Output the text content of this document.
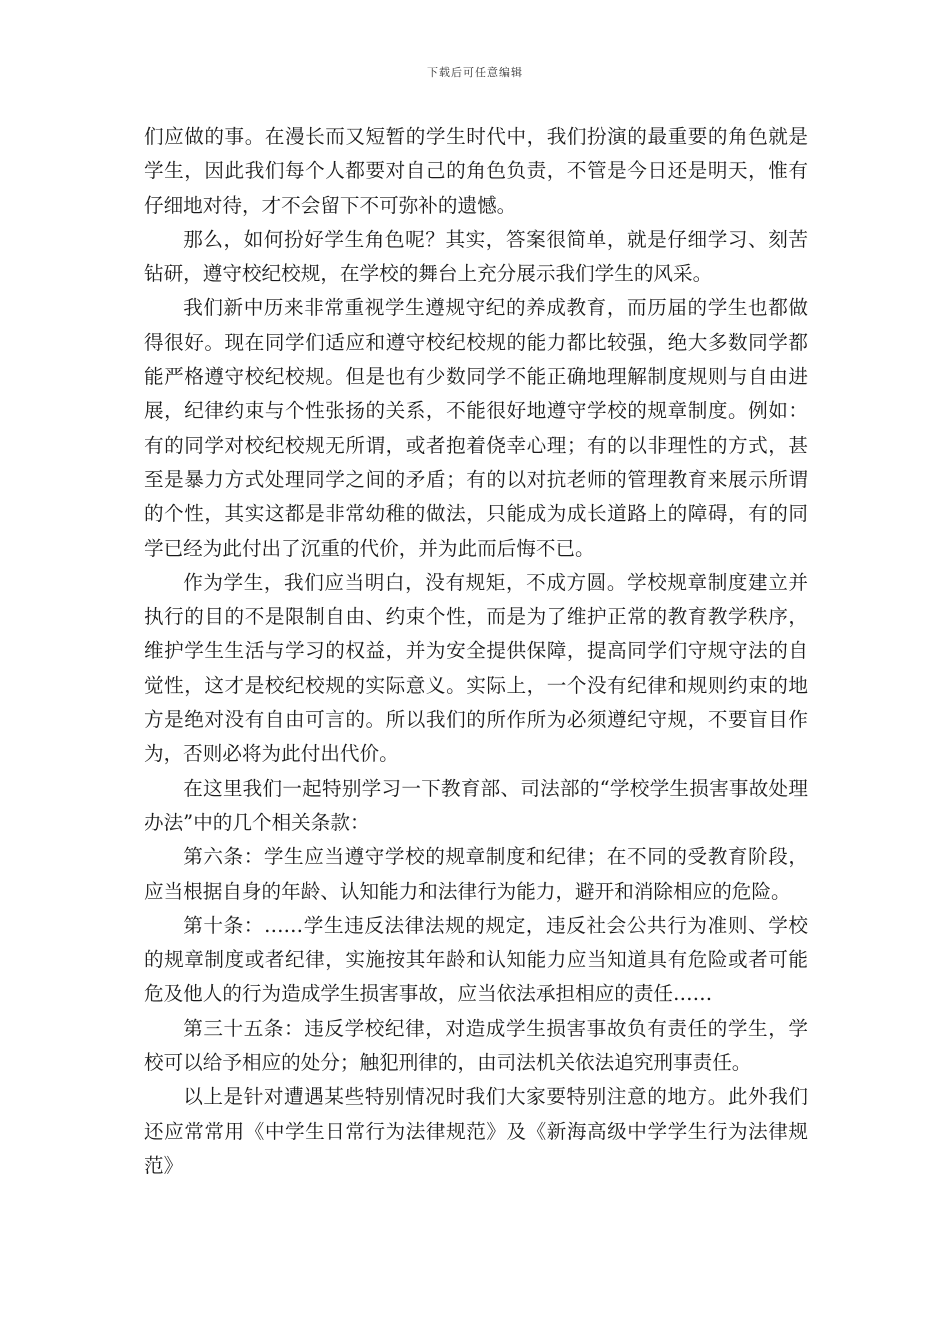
下载后可任意编辑

们应做的事。在漫长而又短暂的学生时代中，我们扮演的最重要的角色就是学生，因此我们每个人都要对自己的角色负责，不管是今日还是明天，惟有仔细地对待，才不会留下不可弥补的遗憾。

那么，如何扮好学生角色呢？其实，答案很简单，就是仔细学习、刻苦钻研，遵守校纪校规，在学校的舞台上充分展示我们学生的风采。

我们新中历来非常重视学生遵规守纪的养成教育，而历届的学生也都做得很好。现在同学们适应和遵守校纪校规的能力都比较强，绝大多数同学都能严格遵守校纪校规。但是也有少数同学不能正确地理解制度规则与自由进展，纪律约束与个性张扬的关系，不能很好地遵守学校的规章制度。例如：有的同学对校纪校规无所谓，或者抱着侥幸心理；有的以非理性的方式，甚至是暴力方式处理同学之间的矛盾；有的以对抗老师的管理教育来展示所谓的个性，其实这都是非常幼稚的做法，只能成为成长道路上的障碍，有的同学已经为此付出了沉重的代价，并为此而后悔不已。

作为学生，我们应当明白，没有规矩，不成方圆。学校规章制度建立并执行的目的不是限制自由、约束个性，而是为了维护正常的教育教学秩序，维护学生生活与学习的权益，并为安全提供保障，提高同学们守规守法的自觉性，这才是校纪校规的实际意义。实际上，一个没有纪律和规则约束的地方是绝对没有自由可言的。所以我们的所作所为必须遵纪守规，不要盲目作为，否则必将为此付出代价。

在这里我们一起特别学习一下教育部、司法部的“学校学生损害事故处理办法”中的几个相关条款：

第六条：学生应当遵守学校的规章制度和纪律；在不同的受教育阶段，应当根据自身的年龄、认知能力和法律行为能力，避开和消除相应的危险。

第十条：……学生违反法律法规的规定，违反社会公共行为准则、学校的规章制度或者纪律，实施按其年龄和认知能力应当知道具有危险或者可能危及他人的行为造成学生损害事故，应当依法承担相应的责任……

第三十五条：违反学校纪律，对造成学生损害事故负有责任的学生，学校可以给予相应的处分；触犯刑律的，由司法机关依法追究刑事责任。

以上是针对遭遇某些特别情况时我们大家要特别注意的地方。此外我们还应常常用《中学生日常行为法律规范》及《新海高级中学学生行为法律规范》
